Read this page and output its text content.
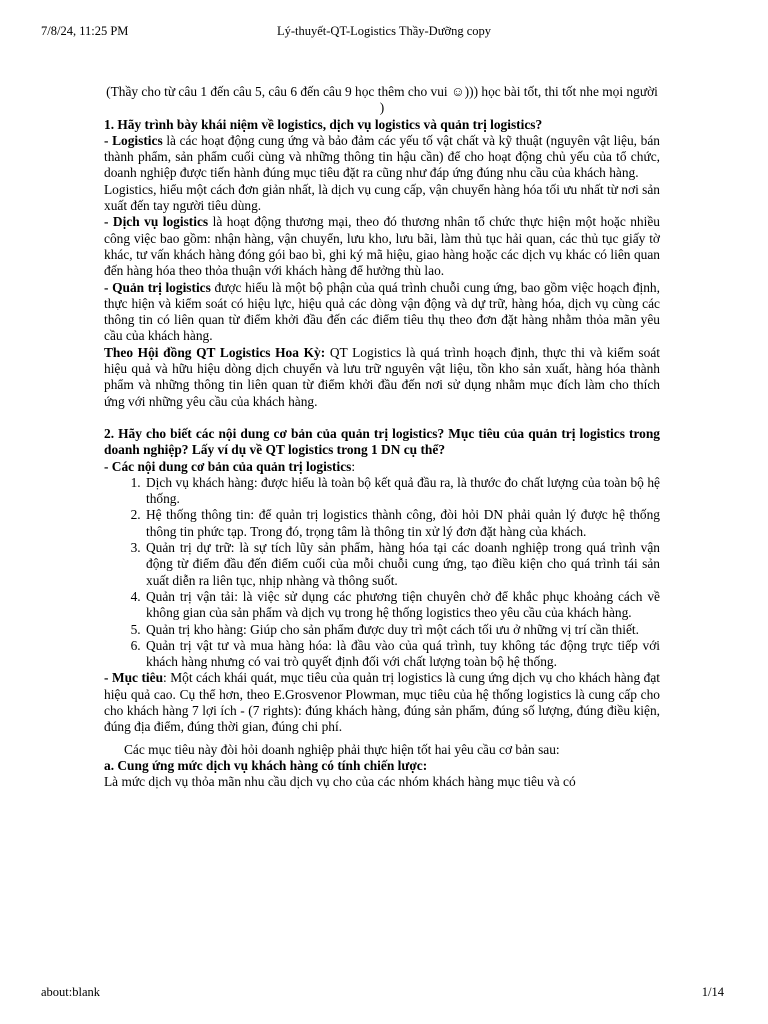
7/8/24, 11:25 PM	Lý-thuyết-QT-Logistics Thầy-Dưỡng copy

(Thầy cho từ câu 1 đến câu 5, câu 6 đến câu 9 học thêm cho vui ☺))) học bài tốt, thi tốt nhe mọi người )

1. Hãy trình bày khái niệm về logistics, dịch vụ logistics và quản trị logistics?

- Logistics là các hoạt động cung ứng và bảo đảm các yếu tố vật chất và kỹ thuật (nguyên vật liệu, bán thành phẩm, sản phẩm cuối cùng và những thông tin hậu cần) để cho hoạt động chủ yếu của tổ chức, doanh nghiệp được tiến hành đúng mục tiêu đặt ra cũng như đáp ứng đúng nhu cầu của khách hàng.

Logistics, hiểu một cách đơn giản nhất, là dịch vụ cung cấp, vận chuyển hàng hóa tối ưu nhất từ nơi sản xuất đến tay người tiêu dùng.

- Dịch vụ logistics là hoạt động thương mại, theo đó thương nhân tổ chức thực hiện một hoặc nhiều công việc bao gồm: nhận hàng, vận chuyển, lưu kho, lưu bãi, làm thủ tục hải quan, các thủ tục giấy tờ khác, tư vấn khách hàng đóng gói bao bì, ghi ký mã hiệu, giao hàng hoặc các dịch vụ khác có liên quan đến hàng hóa theo thỏa thuận với khách hàng để hưởng thù lao.

- Quản trị logistics được hiểu là một bộ phận của quá trình chuỗi cung ứng, bao gồm việc hoạch định, thực hiện và kiểm soát có hiệu lực, hiệu quả các dòng vận động và dự trữ, hàng hóa, dịch vụ cùng các thông tin có liên quan từ điểm khởi đầu đến các điểm tiêu thụ theo đơn đặt hàng nhằm thỏa mãn yêu cầu của khách hàng.

Theo Hội đồng QT Logistics Hoa Kỳ: QT Logistics là quá trình hoạch định, thực thi và kiểm soát hiệu quả và hữu hiệu dòng dịch chuyển và lưu trữ nguyên vật liệu, tồn kho sản xuất, hàng hóa thành phẩm và những thông tin liên quan từ điểm khởi đầu đến nơi sử dụng nhằm mục đích làm cho thích ứng với những yêu cầu của khách hàng.

2. Hãy cho biết các nội dung cơ bản của quản trị logistics? Mục tiêu của quản trị logistics trong doanh nghiệp? Lấy ví dụ về QT logistics trong 1 DN cụ thể?

- Các nội dung cơ bản của quản trị logistics:

1. Dịch vụ khách hàng: được hiểu là toàn bộ kết quả đầu ra, là thước đo chất lượng của toàn bộ hệ thống.
2. Hệ thống thông tin: để quản trị logistics thành công, đòi hỏi DN phải quản lý được hệ thống thông tin phức tạp. Trong đó, trọng tâm là thông tin xử lý đơn đặt hàng của khách.
3. Quản trị dự trữ: là sự tích lũy sản phẩm, hàng hóa tại các doanh nghiệp trong quá trình vận động từ điểm đầu đến điểm cuối của mỗi chuỗi cung ứng, tạo điều kiện cho quá trình tái sản xuất diễn ra liên tục, nhịp nhàng và thông suốt.
4. Quản trị vận tải: là việc sử dụng các phương tiện chuyên chở để khắc phục khoảng cách về không gian của sản phẩm và dịch vụ trong hệ thống logistics theo yêu cầu của khách hàng.
5. Quản trị kho hàng: Giúp cho sản phẩm được duy trì một cách tối ưu ở những vị trí cần thiết.
6. Quản trị vật tư và mua hàng hóa: là đầu vào của quá trình, tuy không tác động trực tiếp với khách hàng nhưng có vai trò quyết định đối với chất lượng toàn bộ hệ thống.

- Mục tiêu: Một cách khái quát, mục tiêu của quản trị logistics là cung ứng dịch vụ cho khách hàng đạt hiệu quả cao. Cụ thể hơn, theo E.Grosvenor Plowman, mục tiêu của hệ thống logistics là cung cấp cho cho khách hàng 7 lợi ích - (7 rights): đúng khách hàng, đúng sản phẩm, đúng số lượng, đúng điều kiện, đúng địa điểm, đúng thời gian, đúng chi phí.

Các mục tiêu này đòi hỏi doanh nghiệp phải thực hiện tốt hai yêu cầu cơ bản sau:

a. Cung ứng mức dịch vụ khách hàng có tính chiến lược:

Là mức dịch vụ thỏa mãn nhu cầu dịch vụ cho của các nhóm khách hàng mục tiêu và có

about:blank	1/14
